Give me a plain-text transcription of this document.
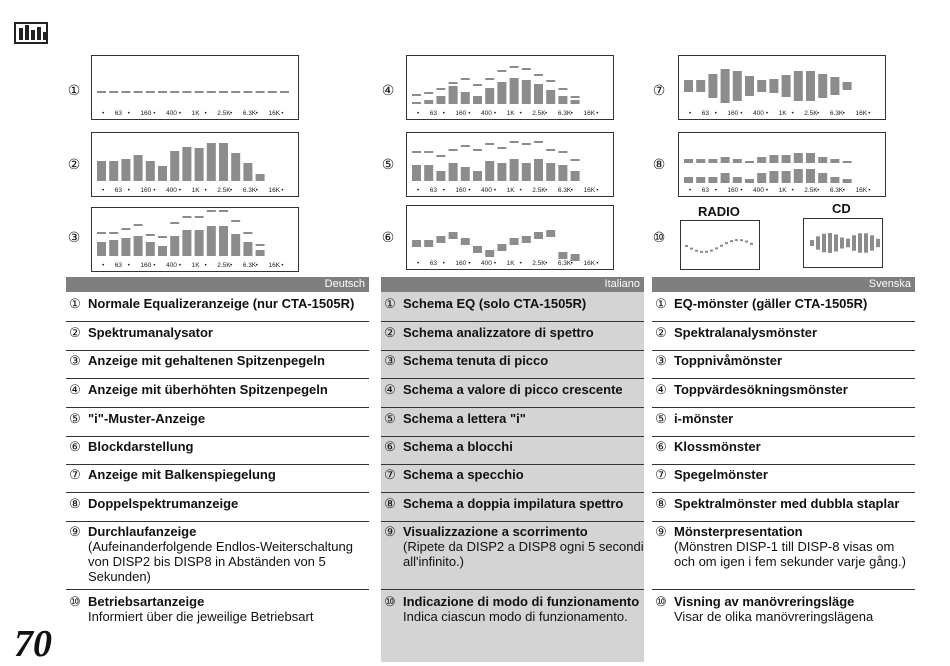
①
②
③
④
⑤
⑥
⑦
⑧
⑩
• 63 • 160 • 400 • 1K • 2.5K • 6.3K • 16K •
• 63 • 160 • 400 • 1K • 2.5K • 6.3K • 16K •
• 63 • 160 • 400 • 1K • 2.5K • 6.3K • 16K •
• 63 • 160 • 400 • 1K • 2.5K • 6.3K • 16K •
• 63 • 160 • 400 • 1K • 2.5K • 6.3K • 16K •
• 63 • 160 • 400 • 1K • 2.5K • 6.3K • 16K •
• 63 • 160 • 400 • 1K • 2.5K • 6.3K • 16K •
• 63 • 160 • 400 • 1K • 2.5K • 6.3K • 16K •
RADIO	CD
Deutsch	Italiano	Svenska
① Normale Equalizeranzeige (nur CTA-1505R)
② Spektrumanalysator
③ Anzeige mit gehaltenen Spitzenpegeln
④ Anzeige mit überhöhten Spitzenpegeln
⑤ "i"-Muster-Anzeige
⑥ Blockdarstellung
⑦ Anzeige mit Balkenspiegelung
⑧ Doppelspektrumanzeige
⑨ Durchlaufanzeige
(Aufeinanderfolgende Endlos-Weiterschaltung von DISP2 bis DISP8 in Abständen von 5 Sekunden)
⑩ Betriebsartanzeige
Informiert über die jeweilige Betriebsart
① Schema EQ (solo CTA-1505R)
② Schema analizzatore di spettro
③ Schema tenuta di picco
④ Schema a valore di picco crescente
⑤ Schema a lettera "i"
⑥ Schema a blocchi
⑦ Schema a specchio
⑧ Schema a doppia impilatura spettro
⑨ Visualizzazione a scorrimento
(Ripete da DISP2 a DISP8 ogni 5 secondi all'infinito.)
⑩ Indicazione di modo di funzionamento
Indica ciascun modo di funzionamento.
① EQ-mönster (gäller CTA-1505R)
② Spektralanalysmönster
③ Toppnivåmönster
④ Toppvärdesökningsmönster
⑤ i-mönster
⑥ Klossmönster
⑦ Spegelmönster
⑧ Spektralmönster med dubbla staplar
⑨ Mönsterpresentation
(Mönstren DISP-1 till DISP-8 visas om och om igen i fem sekunder varje gång.)
⑩ Visning av manövreringsläge
Visar de olika manövreringslägena
70
